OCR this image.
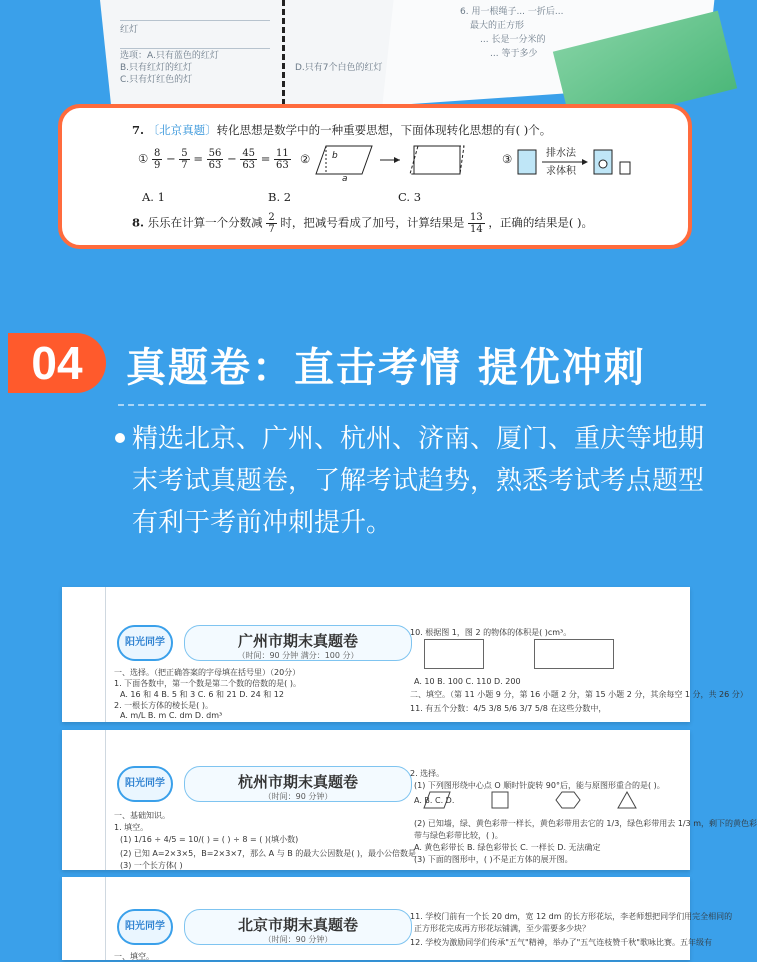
红灯
选项：A.只有蓝色的红灯
B.只有红灯的红灯
C.只有灯红色的灯
D.只有7个白色的红灯
6. 用一根绳子... 一折后...
最大的正方形
... 长是一分米的
... 等于多少
7. 〔北京真题〕转化思想是数学中的一种重要思想，下面体现转化思想的有( )个。
① $\frac{8}{9} - \frac{5}{7} = \frac{56}{63} - \frac{45}{63} = \frac{11}{63}$ ② b
a
③	排水法
求体积
A. 1	B. 2	C. 3
8. 乐乐在计算一个分数减 $\frac{2}{7}$ 时，把减号看成了加号，计算结果是 $\frac{13}{14}$ ，正确的结果是( )。
04	真题卷：直击考情 提优冲刺
精选北京、广州、杭州、济南、厦门、重庆等地期末考试真题卷，了解考试趋势，熟悉考试考点题型有利于考前冲刺提升。
阳光同学	广州市期末真题卷
（时间：90 分钟 满分：100 分）
一、选择。（把正确答案的字母填在括号里）（20分）
1. 下面各数中，第一个数是第二个数的倍数的是( )。
A. 16 和 4 B. 5 和 3 C. 6 和 21 D. 24 和 12
2. 一根长方体的棱长是( )。
A. m/L B. m C. dm D. dm³
10. 根据图 1，图 2 的物体的体积是( )cm³。
A. 10 B. 100 C. 110 D. 200
二、填空。（第 11 小题 9 分，第 16 小题 2 分，第 15 小题 2 分，其余每空 1 分，共 26 分）
11. 有五个分数：4/5 3/8 5/6 3/7 5/8 在这些分数中，
阳光同学	杭州市期末真题卷
（时间：90 分钟）
一、基础知识。
1. 填空。
(1) 1/16 ÷ 4/5 = 10/( ) = ( ) ÷ 8 = ( )(填小数)
(2) 已知 A=2×3×5，B=2×3×7，那么 A 与 B 的最大公因数是( )，最小公倍数是
(3) 一个长方体( )
2. 选择。
(1) 下列图形绕中心点 O 顺时针旋转 90°后，能与原图形重合的是( )。
A. B. C. D.
(2) 已知墙，绿、黄色彩带一样长，黄色彩带用去它的 1/3，绿色彩带用去 1/3 m，剩下的黄色彩
带与绿色彩带比较，( )。
A. 黄色彩带长 B. 绿色彩带长 C. 一样长 D. 无法确定
(3) 下面的图形中，( )不是正方体的展开图。
阳光同学	北京市期末真题卷
（时间：90 分钟）
一、填空。
11. 学校门前有一个长 20 dm，宽 12 dm 的长方形花坛，李老师想把同学们用完全相同的
正方形花完成再方形花坛铺满，至少需要多少块？
12. 学校为激励同学们传承"五气"精神，举办了"五气连枝赞千秋"歌咏比赛。五年级有
